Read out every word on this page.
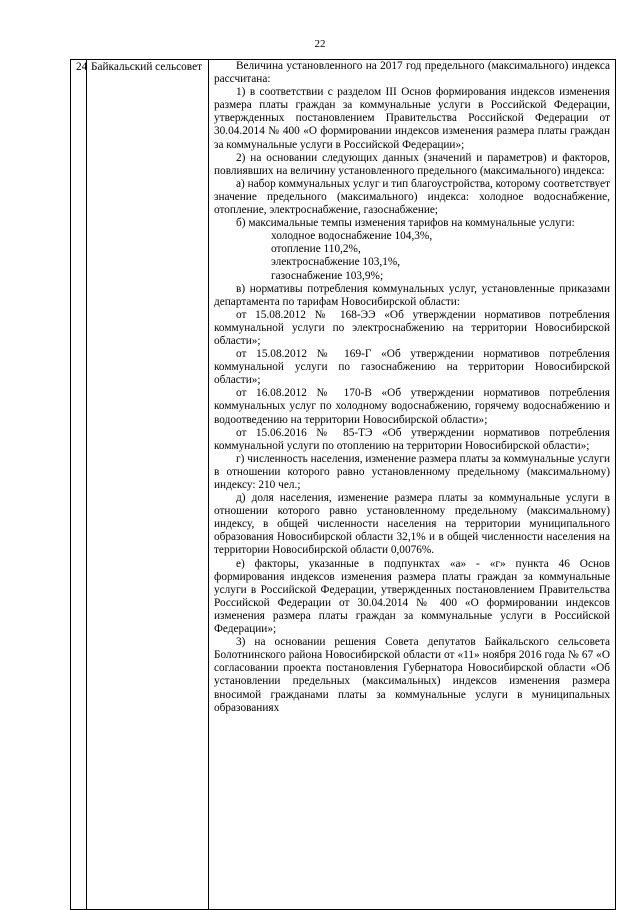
22
24	Байкальский сельсовет	Величина установленного на 2017 год предельного (максимального) индекса рассчитана:

1) в соответствии с разделом III Основ формирования индексов изменения размера платы граждан за коммунальные услуги в Российской Федерации, утвержденных постановлением Правительства Российской Федерации от 30.04.2014 № 400 «О формировании индексов изменения размера платы граждан за коммунальные услуги в Российской Федерации»;

2) на основании следующих данных (значений и параметров) и факторов, повлиявших на величину установленного предельного (максимального) индекса:

а) набор коммунальных услуг и тип благоустройства, которому соответствует значение предельного (максимального) индекса: холодное водоснабжение, отопление, электроснабжение, газоснабжение;

б) максимальные темпы изменения тарифов на коммунальные услуги:

холодное водоснабжение 104,3%,

отопление 110,2%,

электроснабжение 103,1%,

газоснабжение 103,9%;

в) нормативы потребления коммунальных услуг, установленные приказами департамента по тарифам Новосибирской области:

от 15.08.2012 № 168-ЭЭ «Об утверждении нормативов потребления коммунальной услуги по электроснабжению на территории Новосибирской области»;

от 15.08.2012 № 169-Г «Об утверждении нормативов потребления коммунальной услуги по газоснабжению на территории Новосибирской области»;

от 16.08.2012 № 170-В «Об утверждении нормативов потребления коммунальных услуг по холодному водоснабжению, горячему водоснабжению и водоотведению на территории Новосибирской области»;

от 15.06.2016 № 85-ТЭ «Об утверждении нормативов потребления коммунальной услуги по отоплению на территории Новосибирской области»;

г) численность населения, изменение размера платы за коммунальные услуги в отношении которого равно установленному предельному (максимальному) индексу: 210 чел.;

д) доля населения, изменение размера платы за коммунальные услуги в отношении которого равно установленному предельному (максимальному) индексу, в общей численности населения на территории муниципального образования Новосибирской области 32,1% и в общей численности населения на территории Новосибирской области 0,0076%.

е) факторы, указанные в подпунктах «а» - «г» пункта 46 Основ формирования индексов изменения размера платы граждан за коммунальные услуги в Российской Федерации, утвержденных постановлением Правительства Российской Федерации от 30.04.2014 № 400 «О формировании индексов изменения размера платы граждан за коммунальные услуги в Российской Федерации»;

3) на основании решения Совета депутатов Байкальского сельсовета Болотнинского района Новосибирской области от «11» ноября 2016 года № 67 «О согласовании проекта постановления Губернатора Новосибирской области «Об установлении предельных (максимальных) индексов изменения размера вносимой гражданами платы за коммунальные услуги в муниципальных образованиях
